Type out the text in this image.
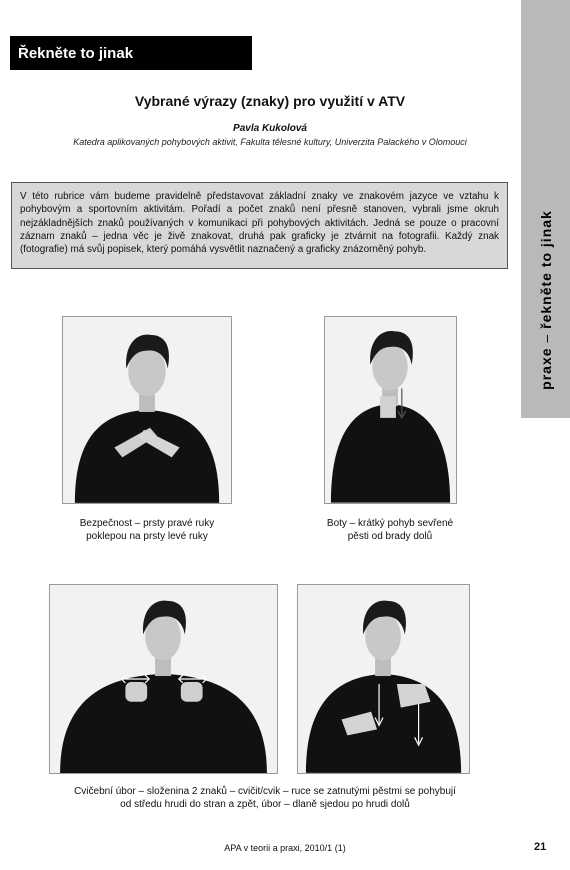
Řekněte to jinak
praxe – řekněte to jinak
Vybrané výrazy (znaky) pro využití v ATV
Pavla Kukolová
Katedra aplikovaných pohybových aktivit, Fakulta tělesné kultury, Univerzita Palackého v Olomouci
V této rubrice vám budeme pravidelně představovat základní znaky ve znakovém jazyce ve vztahu k pohybovým a sportovním aktivitám. Pořadí a počet znaků není přesně stanoven, vybrali jsme okruh nejzákladnějších znaků používaných v komunikaci při pohybových aktivitách. Jedná se pouze o pracovní záznam znaků – jedna věc je živě znakovat, druhá pak graficky je ztvárnit na fotografii. Každý znak (fotografie) má svůj popisek, který pomáhá vysvětlit naznačený a graficky znázorněný pohyb.
Bezpečnost – prsty pravé ruky
poklepou na prsty levé ruky
Boty – krátký pohyb sevřené
pěsti od brady dolů
Cvičební úbor – složenina 2 znaků – cvičit/cvik – ruce se zatnutými pěstmi se pohybují
od středu hrudi do stran a zpět, úbor – dlaně sjedou po hrudi dolů
APA v teorii a praxi, 2010/1 (1)	21
